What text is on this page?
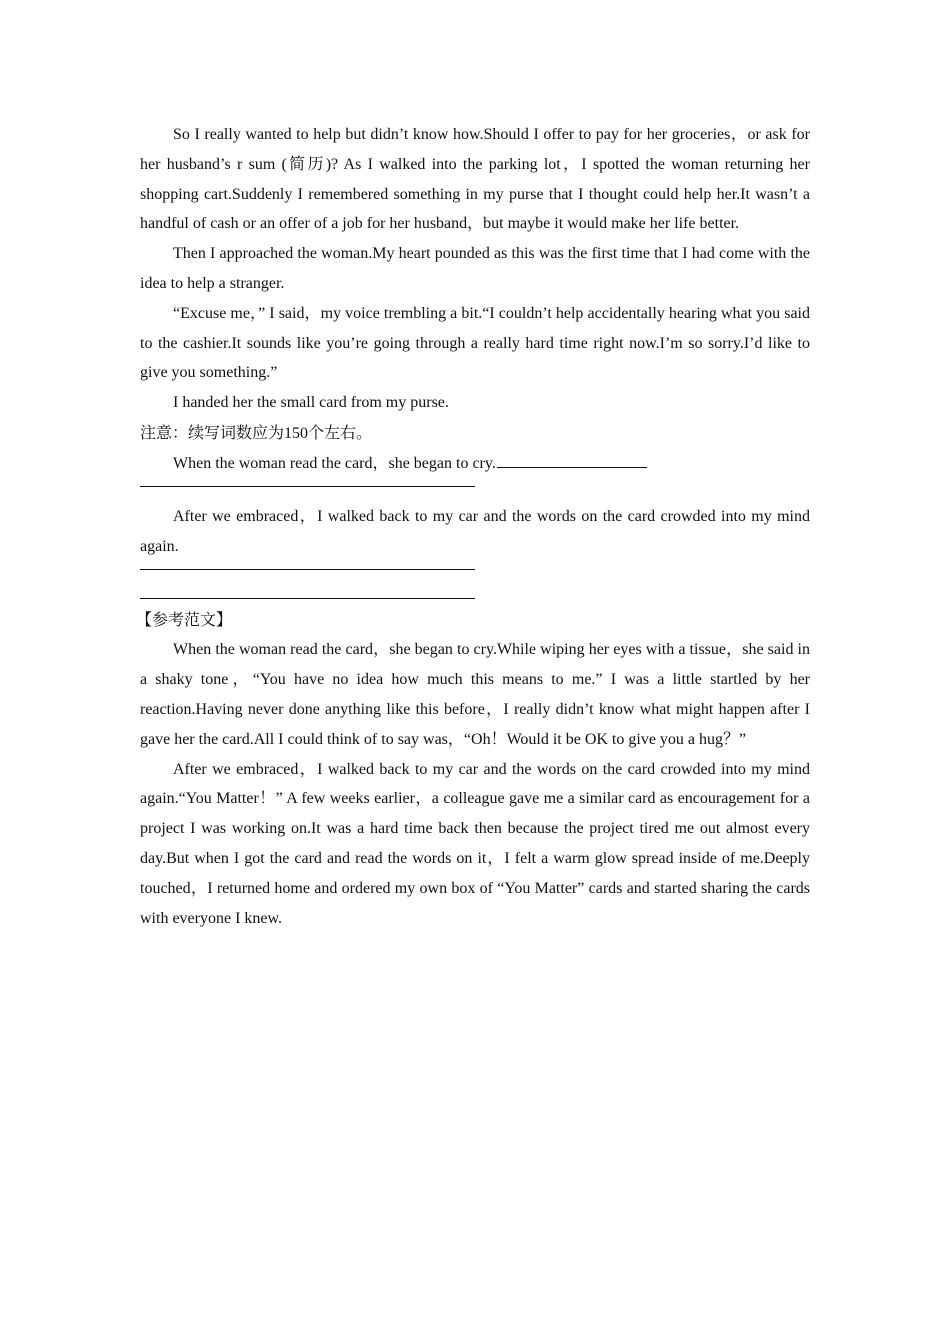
So I really wanted to help but didn’t know how.Should I offer to pay for her groceries，or ask for her husband’s r sum (简历)? As I walked into the parking lot，I spotted the woman returning her shopping cart.Suddenly I remembered something in my purse that I thought could help her.It wasn’t a handful of cash or an offer of a job for her husband，but maybe it would make her life better.

Then I approached the woman.My heart pounded as this was the first time that I had come with the idea to help a stranger.

“Excuse me，” I said，my voice trembling a bit.“I couldn’t help accidentally hearing what you said to the cashier.It sounds like you’re going through a really hard time right now.I’m so sorry.I’d like to give you something.”

I handed her the small card from my purse.

注意：续写词数应为150个左右。

When the woman read the card，she began to cry.

After we embraced，I walked back to my car and the words on the card crowded into my mind again.

【参考范文】

When the woman read the card，she began to cry.While wiping her eyes with a tissue，she said in a shaky tone，“You have no idea how much this means to me.” I was a little startled by her reaction.Having never done anything like this before，I really didn’t know what might happen after I gave her the card.All I could think of to say was，“Oh！Would it be OK to give you a hug？”

After we embraced，I walked back to my car and the words on the card crowded into my mind again.“You Matter！” A few weeks earlier，a colleague gave me a similar card as encouragement for a project I was working on.It was a hard time back then because the project tired me out almost every day.But when I got the card and read the words on it，I felt a warm glow spread inside of me.Deeply touched，I returned home and ordered my own box of “You Matter” cards and started sharing the cards with everyone I knew.
